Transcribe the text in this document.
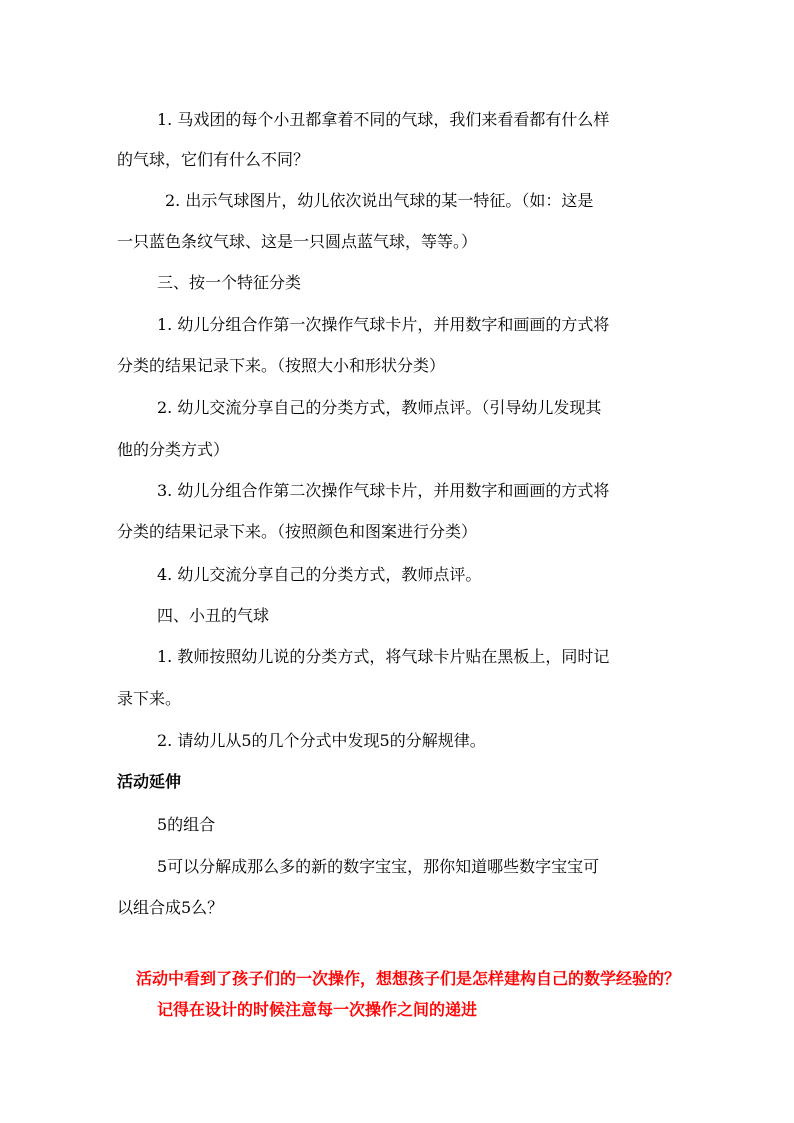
1. 马戏团的每个小丑都拿着不同的气球，我们来看看都有什么样
的气球，它们有什么不同？
2. 出示气球图片，幼儿依次说出气球的某一特征。（如：这是
一只蓝色条纹气球、这是一只圆点蓝气球，等等。）
三、按一个特征分类
1. 幼儿分组合作第一次操作气球卡片，并用数字和画画的方式将
分类的结果记录下来。（按照大小和形状分类）
2. 幼儿交流分享自己的分类方式，教师点评。（引导幼儿发现其
他的分类方式）
3. 幼儿分组合作第二次操作气球卡片，并用数字和画画的方式将
分类的结果记录下来。（按照颜色和图案进行分类）
4. 幼儿交流分享自己的分类方式，教师点评。
四、小丑的气球
1. 教师按照幼儿说的分类方式，将气球卡片贴在黑板上，同时记
录下来。
2. 请幼儿从5的几个分式中发现5的分解规律。
活动延伸
5的组合
5可以分解成那么多的新的数字宝宝，那你知道哪些数字宝宝可
以组合成5么？
活动中看到了孩子们的一次操作，想想孩子们是怎样建构自己的数学经验的？
记得在设计的时候注意每一次操作之间的递进
